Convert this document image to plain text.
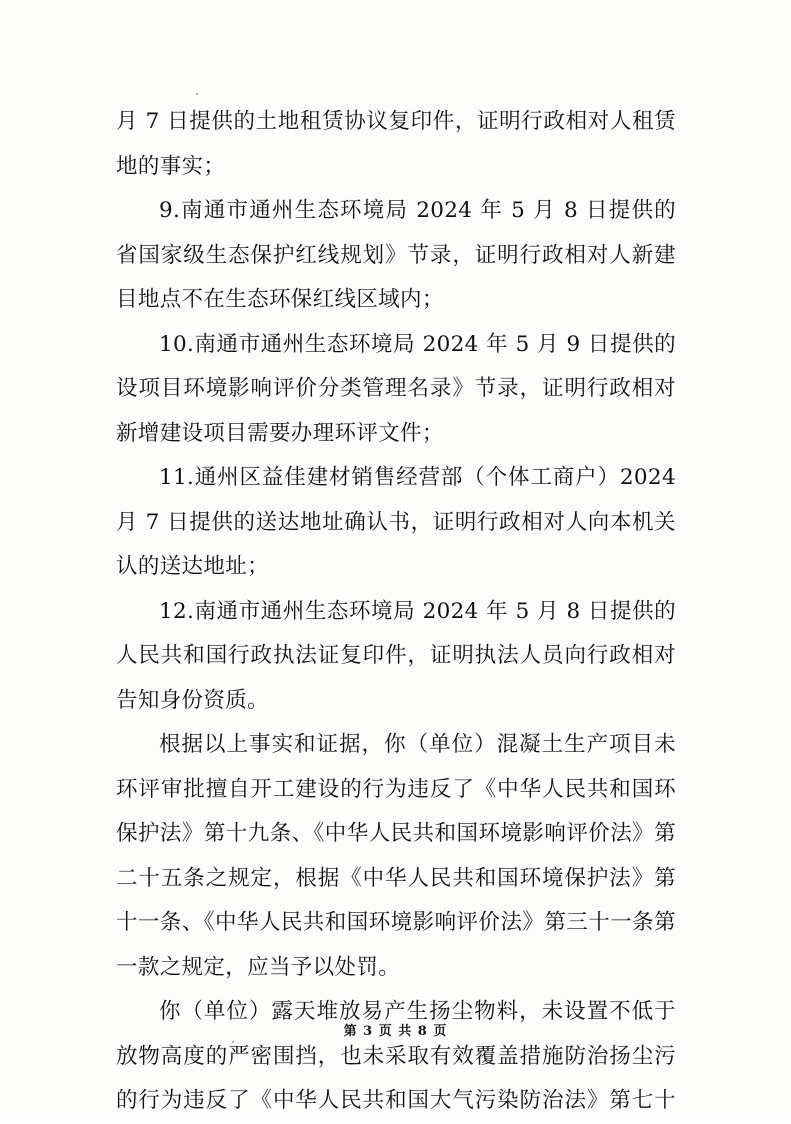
月 7 日提供的土地租赁协议复印件，证明行政相对人租赁
地的事实；
9.南通市通州生态环境局 2024 年 5 月 8 日提供的
省国家级生态保护红线规划》节录，证明行政相对人新建
目地点不在生态环保红线区域内；
10.南通市通州生态环境局 2024 年 5 月 9 日提供的
设项目环境影响评价分类管理名录》节录，证明行政相对
新增建设项目需要办理环评文件；
11.通州区益佳建材销售经营部（个体工商户）2024
月 7 日提供的送达地址确认书，证明行政相对人向本机关
认的送达地址；
12.南通市通州生态环境局 2024 年 5 月 8 日提供的
人民共和国行政执法证复印件，证明执法人员向行政相对
告知身份资质。
根据以上事实和证据，你（单位）混凝土生产项目未
环评审批擅自开工建设的行为违反了《中华人民共和国环
保护法》第十九条、《中华人民共和国环境影响评价法》第
二十五条之规定，根据《中华人民共和国环境保护法》第
十一条、《中华人民共和国环境影响评价法》第三十一条第
一款之规定，应当予以处罚。
你（单位）露天堆放易产生扬尘物料，未设置不低于
放物高度的严密围挡，也未采取有效覆盖措施防治扬尘污
的行为违反了《中华人民共和国大气污染防治法》第七十
第 3 页 共 8 页
